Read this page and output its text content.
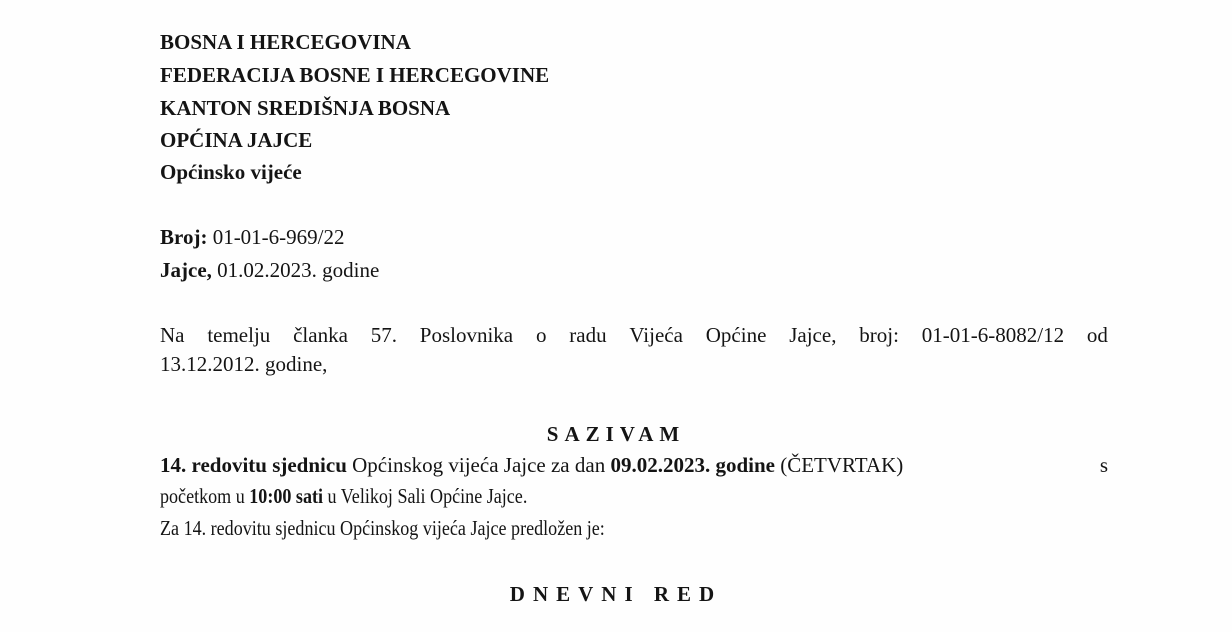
BOSNA I HERCEGOVINA
FEDERACIJA BOSNE I HERCEGOVINE
KANTON SREDIŠNJA BOSNA
OPĆINA JAJCE
Općinsko vijeće
Broj: 01-01-6-969/22
Jajce, 01.02.2023. godine
Na temelju članka 57. Poslovnika o radu Vijeća Općine Jajce, broj: 01-01-6-8082/12 od
13.12.2012. godine,
SAZIVAM
14. redovitu sjednicu Općinskog vijeća Jajce za dan 09.02.2023. godine (ČETVRTAK)	s
početkom u 10:00 sati u Velikoj Sali Općine Jajce.
Za 14. redovitu sjednicu Općinskog vijeća Jajce predložen je:
DNEVNI RED
